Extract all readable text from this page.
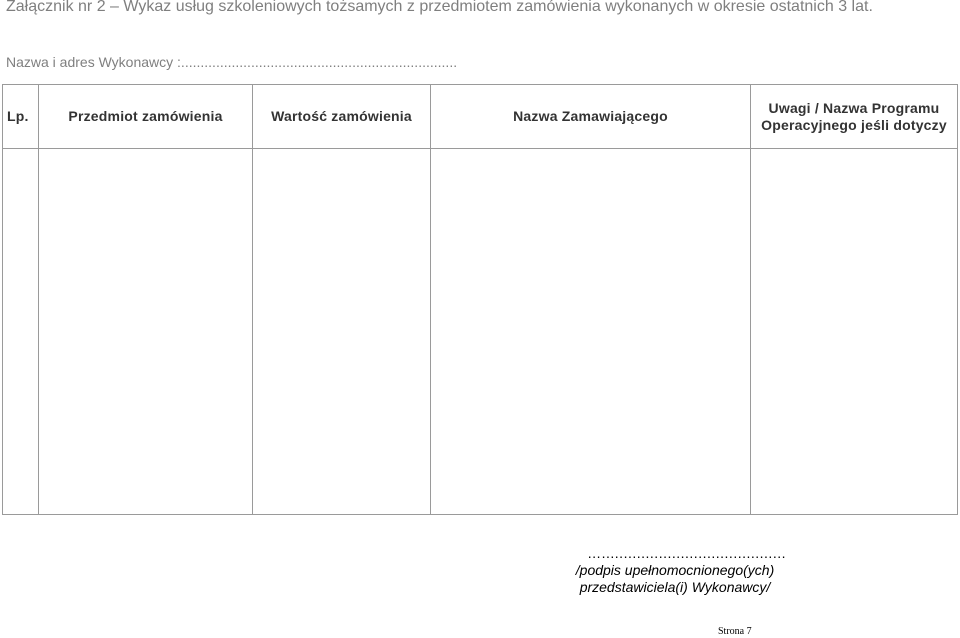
Załącznik nr 2 – Wykaz usług szkoleniowych tożsamych z przedmiotem zamówienia wykonanych w okresie ostatnich 3 lat.
Nazwa i adres Wykonawcy :.......................................................................
Lp.	Przedmiot zamówienia	Wartość zamówienia	Nazwa Zamawiającego	Uwagi / Nazwa Programu Operacyjnego jeśli dotyczy

…..........................................
/podpis upełnomocnionego(ych) przedstawiciela(i) Wykonawcy/
Strona 7
